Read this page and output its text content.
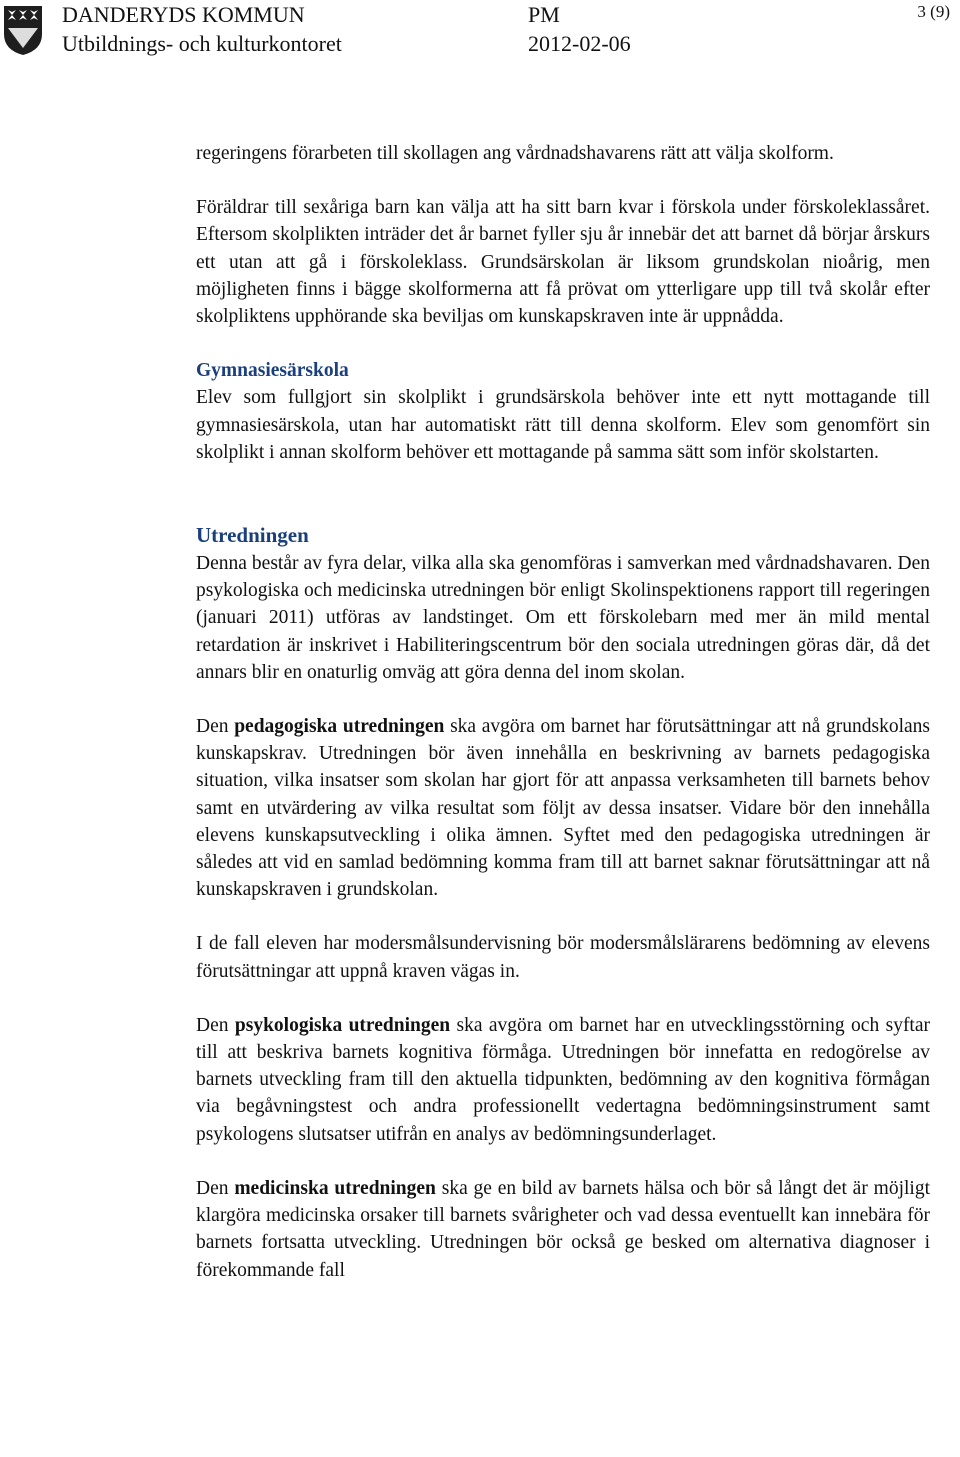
DANDERYDS KOMMUN
Utbildnings- och kulturkontoret
PM
2012-02-06
3 (9)

regeringens förarbeten till skollagen ang vårdnadshavarens rätt att välja skolform.

Föräldrar till sexåriga barn kan välja att ha sitt barn kvar i förskola under förskoleklassåret. Eftersom skolplikten inträder det år barnet fyller sju år innebär det att barnet då börjar årskurs ett utan att gå i förskoleklass. Grundsärskolan är liksom grundskolan nioårig, men möjligheten finns i bägge skolformerna att få prövat om ytterligare upp till två skolår efter skolpliktens upphörande ska beviljas om kunskapskraven inte är uppnådda.

Gymnasiesärskola

Elev som fullgjort sin skolplikt i grundsärskola behöver inte ett nytt mottagande till gymnasiesärskola, utan har automatiskt rätt till denna skolform. Elev som genomfört sin skolplikt i annan skolform behöver ett mottagande på samma sätt som inför skolstarten.

Utredningen

Denna består av fyra delar, vilka alla ska genomföras i samverkan med vårdnadshavaren. Den psykologiska och medicinska utredningen bör enligt Skolinspektionens rapport till regeringen (januari 2011) utföras av landstinget. Om ett förskolebarn med mer än mild mental retardation är inskrivet i Habiliteringscentrum bör den sociala utredningen göras där, då det annars blir en onaturlig omväg att göra denna del inom skolan.

Den pedagogiska utredningen ska avgöra om barnet har förutsättningar att nå grundskolans kunskapskrav. Utredningen bör även innehålla en beskrivning av barnets pedagogiska situation, vilka insatser som skolan har gjort för att anpassa verksamheten till barnets behov samt en utvärdering av vilka resultat som följt av dessa insatser. Vidare bör den innehålla elevens kunskapsutveckling i olika ämnen. Syftet med den pedagogiska utredningen är således att vid en samlad bedömning komma fram till att barnet saknar förutsättningar att nå kunskapskraven i grundskolan.

I de fall eleven har modersmålsundervisning bör modersmålslärarens bedömning av elevens förutsättningar att uppnå kraven vägas in.

Den psykologiska utredningen ska avgöra om barnet har en utvecklingsstörning och syftar till att beskriva barnets kognitiva förmåga. Utredningen bör innefatta en redogörelse av barnets utveckling fram till den aktuella tidpunkten, bedömning av den kognitiva förmågan via begåvningstest och andra professionellt vedertagna bedömningsinstrument samt psykologens slutsatser utifrån en analys av bedömningsunderlaget.

Den medicinska utredningen ska ge en bild av barnets hälsa och bör så långt det är möjligt klargöra medicinska orsaker till barnets svårigheter och vad dessa eventuellt kan innebära för barnets fortsatta utveckling. Utredningen bör också ge besked om alternativa diagnoser i förekommande fall
